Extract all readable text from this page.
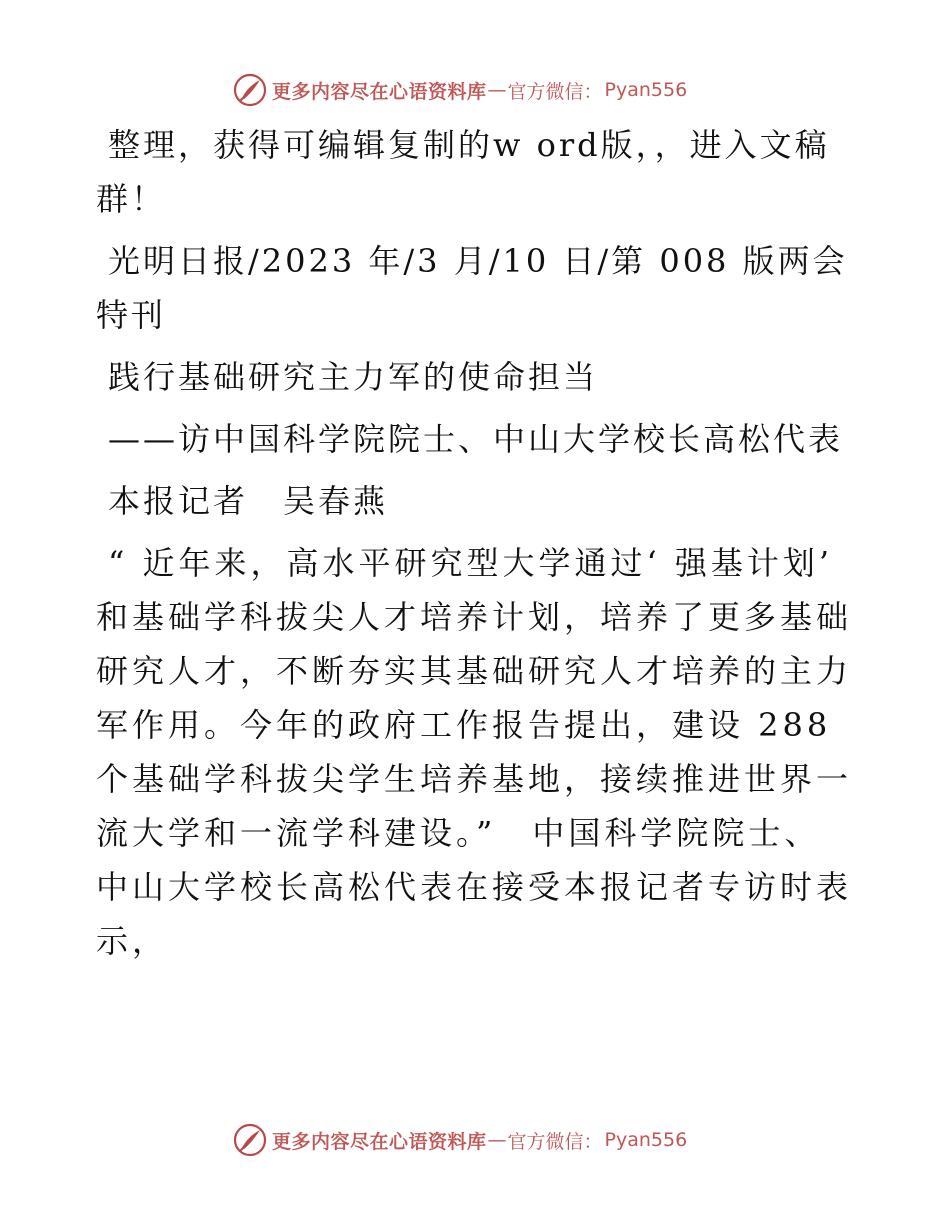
更多内容尽在心语资料库 — 官方微信： Pyan556

整理，获得可编辑复制的w ord版，，进入文稿群！

光明日报/2023 年/3 月/10 日/第 008 版两会特刊

践行基础研究主力军的使命担当

——访中国科学院院士、中山大学校长高松代表

本报记者　吴春燕

“ 近年来，高水平研究型大学通过‘ 强基计划’　和基础学科拔尖人才培养计划，培养了更多基础研究人才，不断夯实其基础研究人才培养的主力军作用。今年的政府工作报告提出，建设 288个基础学科拔尖学生培养基地，接续推进世界一流大学和一流学科建设。”　中国科学院院士、中山大学校长高松代表在接受本报记者专访时表示，

更多内容尽在心语资料库 — 官方微信： Pyan556
